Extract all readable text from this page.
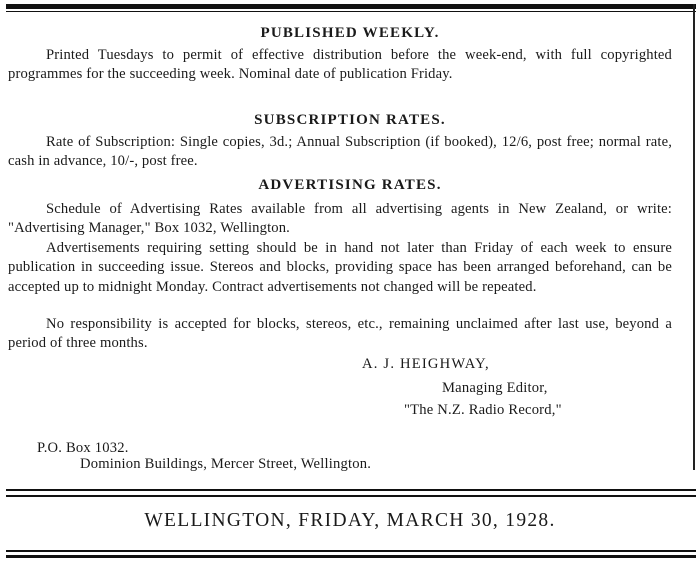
PUBLISHED WEEKLY.
Printed Tuesdays to permit of effective distribution before the week-end, with full copyrighted programmes for the succeeding week. Nominal date of publication Friday.
SUBSCRIPTION RATES.
Rate of Subscription: Single copies, 3d.; Annual Subscription (if booked), 12/6, post free; normal rate, cash in advance, 10/-, post free.
ADVERTISING RATES.
Schedule of Advertising Rates available from all advertising agents in New Zealand, or write: "Advertising Manager," Box 1032, Wellington.
Advertisements requiring setting should be in hand not later than Friday of each week to ensure publication in succeeding issue. Stereos and blocks, providing space has been arranged beforehand, can be accepted up to midnight Monday. Contract advertisements not changed will be repeated.
No responsibility is accepted for blocks, stereos, etc., remaining unclaimed after last use, beyond a period of three months.
A. J. HEIGHWAY,
Managing Editor,
"The N.Z. Radio Record,"
P.O. Box 1032.
Dominion Buildings, Mercer Street, Wellington.
WELLINGTON, FRIDAY, MARCH 30, 1928.
